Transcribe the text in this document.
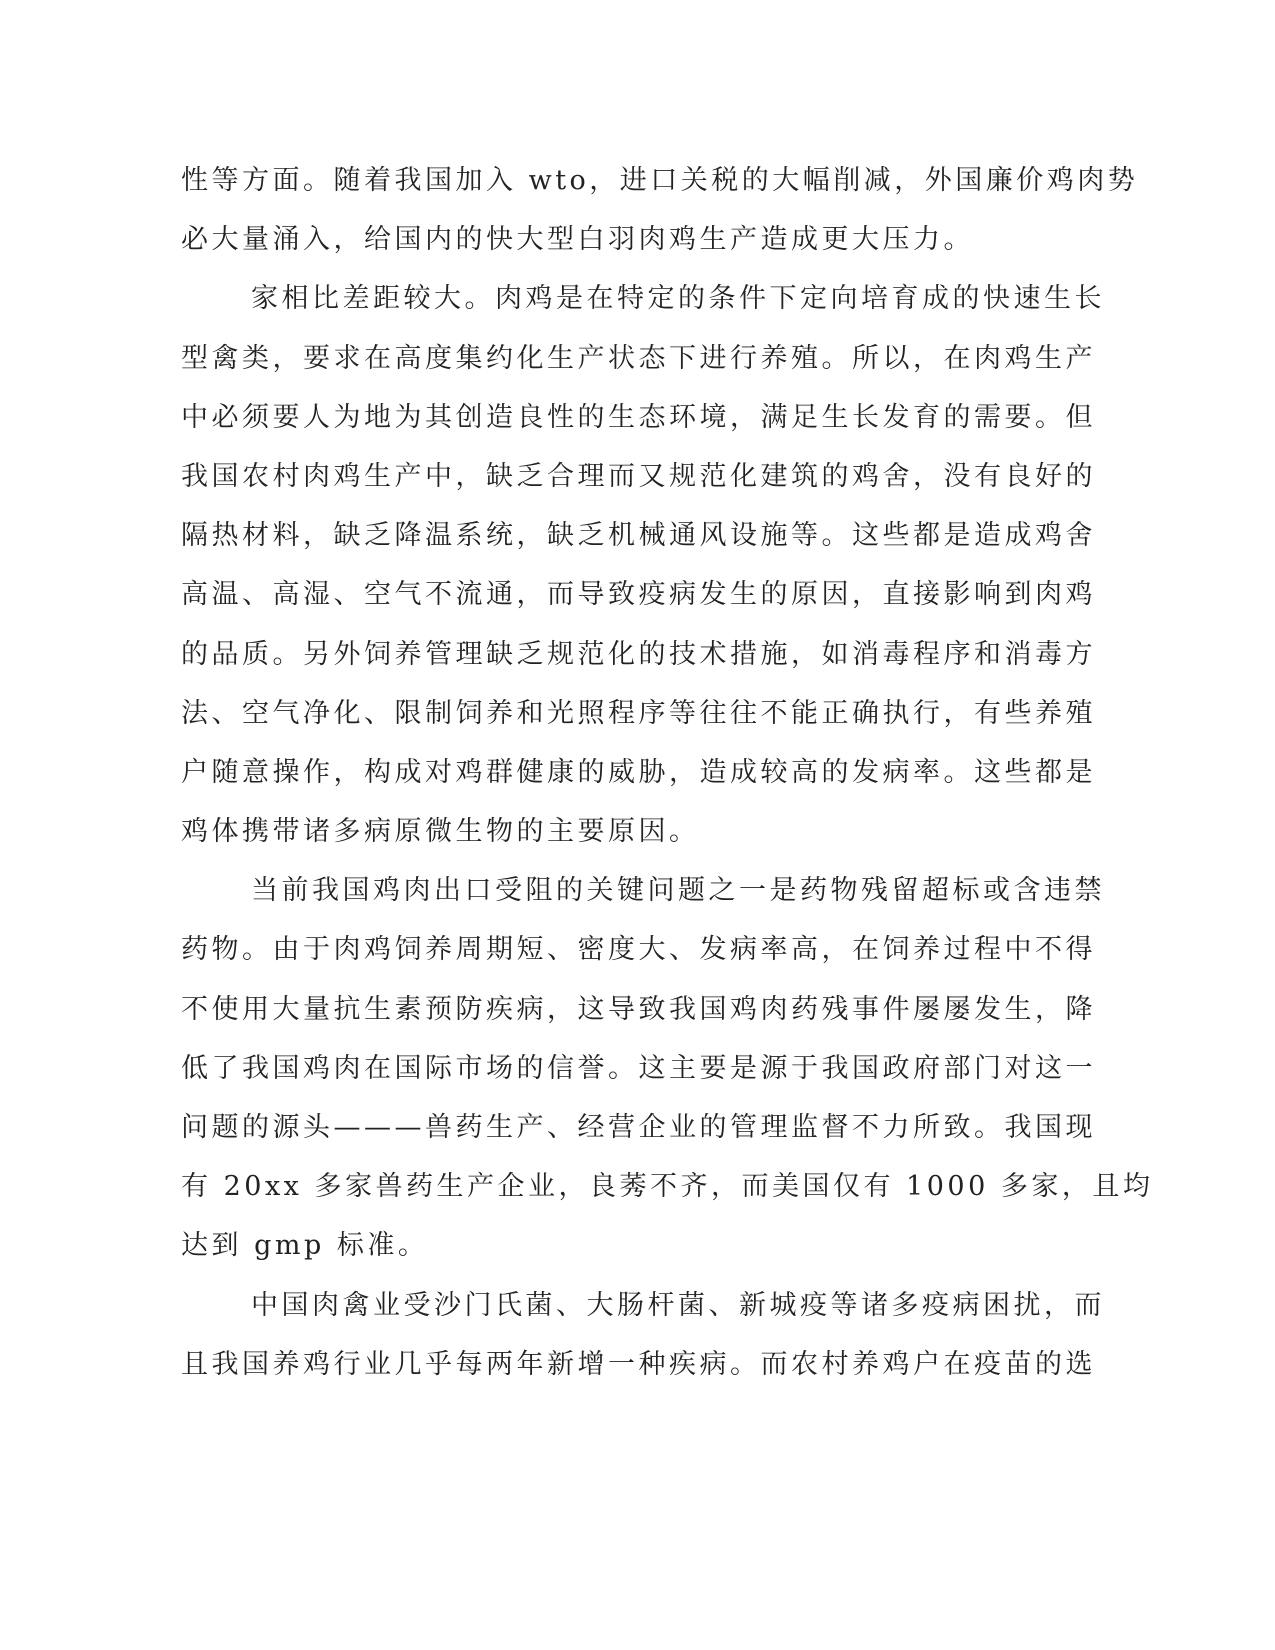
性等方面。随着我国加入 wto，进口关税的大幅削减，外国廉价鸡肉势
必大量涌入，给国内的快大型白羽肉鸡生产造成更大压力。
家相比差距较大。肉鸡是在特定的条件下定向培育成的快速生长
型禽类，要求在高度集约化生产状态下进行养殖。所以，在肉鸡生产
中必须要人为地为其创造良性的生态环境，满足生长发育的需要。但
我国农村肉鸡生产中，缺乏合理而又规范化建筑的鸡舍，没有良好的
隔热材料，缺乏降温系统，缺乏机械通风设施等。这些都是造成鸡舍
高温、高湿、空气不流通，而导致疫病发生的原因，直接影响到肉鸡
的品质。另外饲养管理缺乏规范化的技术措施，如消毒程序和消毒方
法、空气净化、限制饲养和光照程序等往往不能正确执行，有些养殖
户随意操作，构成对鸡群健康的威胁，造成较高的发病率。这些都是
鸡体携带诸多病原微生物的主要原因。
当前我国鸡肉出口受阻的关键问题之一是药物残留超标或含违禁
药物。由于肉鸡饲养周期短、密度大、发病率高，在饲养过程中不得
不使用大量抗生素预防疾病，这导致我国鸡肉药残事件屡屡发生，降
低了我国鸡肉在国际市场的信誉。这主要是源于我国政府部门对这一
问题的源头———兽药生产、经营企业的管理监督不力所致。我国现
有 20xx 多家兽药生产企业，良莠不齐，而美国仅有 1000 多家，且均
达到 gmp 标准。
中国肉禽业受沙门氏菌、大肠杆菌、新城疫等诸多疫病困扰，而
且我国养鸡行业几乎每两年新增一种疾病。而农村养鸡户在疫苗的选
